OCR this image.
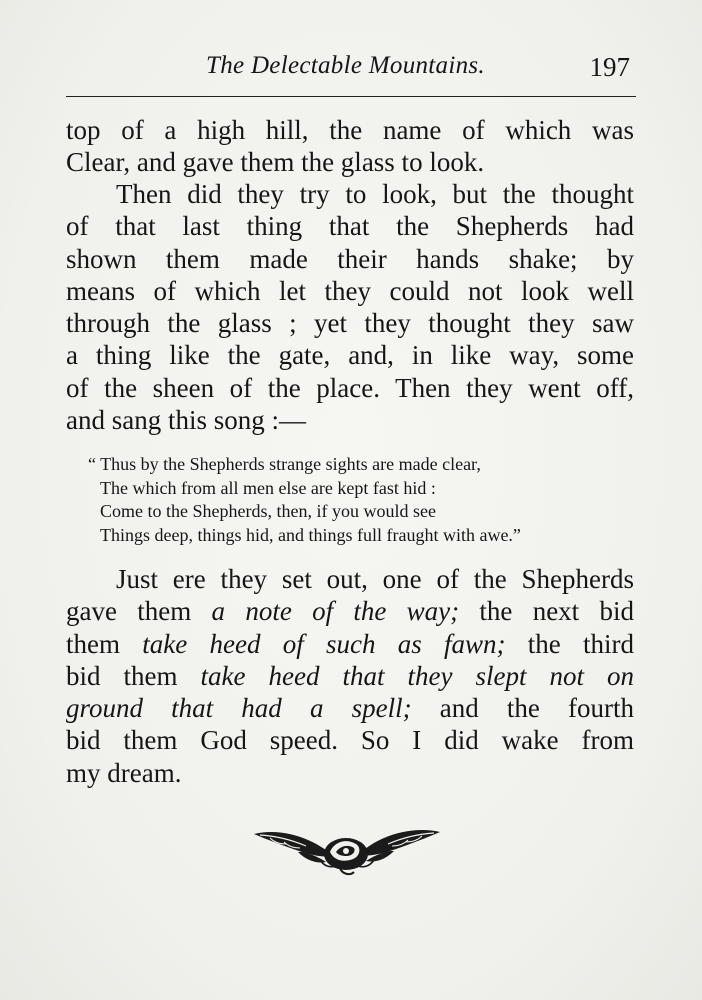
The Delectable Mountains.	197
top of a high hill, the name of which was
Clear, and gave them the glass to look.
Then did they try to look, but the thought
of that last thing that the Shepherds had
shown them made their hands shake; by
means of which let they could not look well
through the glass ; yet they thought they saw
a thing like the gate, and, in like way, some
of the sheen of the place. Then they went off,
and sang this song :—
“ Thus by the Shepherds strange sights are made clear,
The which from all men else are kept fast hid :
Come to the Shepherds, then, if you would see
Things deep, things hid, and things full fraught with awe.”
Just ere they set out, one of the Shepherds
gave them a note of the way; the next bid
them take heed of such as fawn; the third
bid them take heed that they slept not on
ground that had a spell; and the fourth
bid them God speed. So I did wake from
my dream.
